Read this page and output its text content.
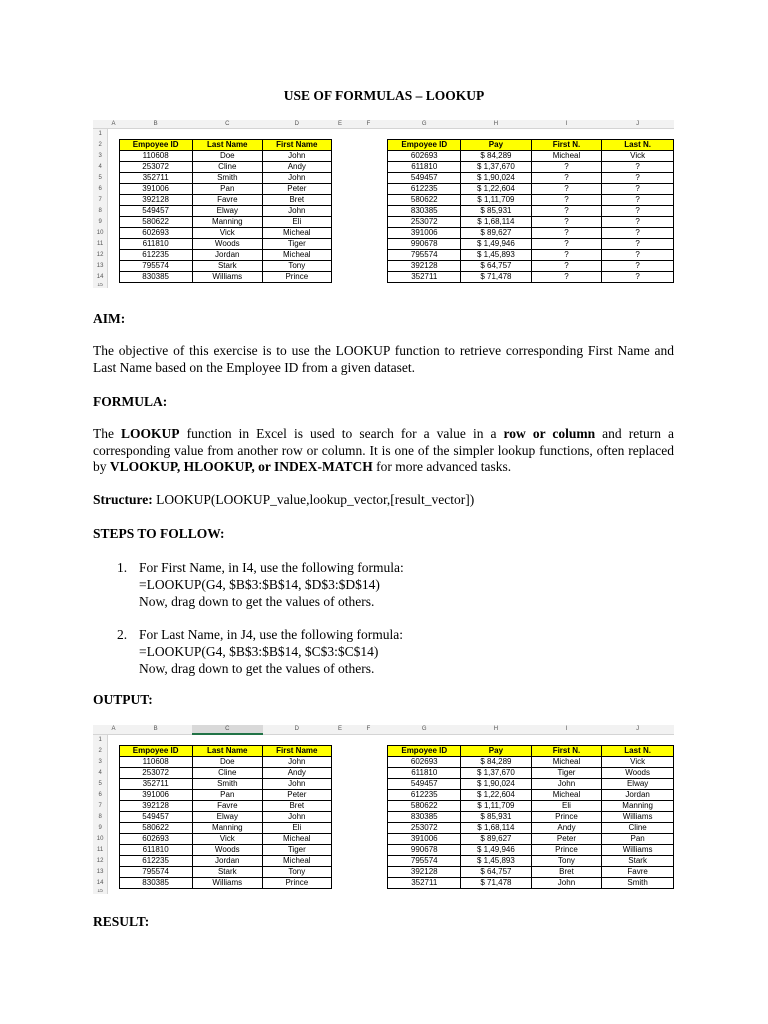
USE OF FORMULAS – LOOKUP
	A	B	C	D	E	F	G	H	I	J
1										
2		Empoyee ID	Last Name	First Name			Empoyee ID	Pay	First N.	Last N.
3		110608	Doe	John			602693	$ 84,289	Micheal	Vick
4		253072	Cline	Andy			611810	$ 1,37,670	?	?
5		352711	Smith	John			549457	$ 1,90,024	?	?
6		391006	Pan	Peter			612235	$ 1,22,604	?	?
7		392128	Favre	Bret			580622	$ 1,11,709	?	?
8		549457	Elway	John			830385	$ 85,931	?	?
9		580622	Manning	Eli			253072	$ 1,68,114	?	?
10		602693	Vick	Micheal			391006	$ 89,627	?	?
11		611810	Woods	Tiger			990678	$ 1,49,946	?	?
12		612235	Jordan	Micheal			795574	$ 1,45,893	?	?
13		795574	Stark	Tony			392128	$ 64,757	?	?
14		830385	Williams	Prince			352711	$ 71,478	?	?
15										
AIM:
The objective of this exercise is to use the LOOKUP function to retrieve corresponding First Name and Last Name based on the Employee ID from a given dataset.
FORMULA:
The LOOKUP function in Excel is used to search for a value in a row or column and return a corresponding value from another row or column. It is one of the simpler lookup functions, often replaced by VLOOKUP, HLOOKUP, or INDEX-MATCH for more advanced tasks.
Structure: LOOKUP(LOOKUP_value,lookup_vector,[result_vector])
STEPS TO FOLLOW:
1. For First Name, in I4, use the following formula:
=LOOKUP(G4, $B$3:$B$14, $D$3:$D$14)
Now, drag down to get the values of others.
2. For Last Name, in J4, use the following formula:
=LOOKUP(G4, $B$3:$B$14, $C$3:$C$14)
Now, drag down to get the values of others.
OUTPUT:
	A	B	C	D	E	F	G	H	I	J
1										
2		Empoyee ID	Last Name	First Name			Empoyee ID	Pay	First N.	Last N.
3		110608	Doe	John			602693	$ 84,289	Micheal	Vick
4		253072	Cline	Andy			611810	$ 1,37,670	Tiger	Woods
5		352711	Smith	John			549457	$ 1,90,024	John	Elway
6		391006	Pan	Peter			612235	$ 1,22,604	Micheal	Jordan
7		392128	Favre	Bret			580622	$ 1,11,709	Eli	Manning
8		549457	Elway	John			830385	$ 85,931	Prince	Williams
9		580622	Manning	Eli			253072	$ 1,68,114	Andy	Cline
10		602693	Vick	Micheal			391006	$ 89,627	Peter	Pan
11		611810	Woods	Tiger			990678	$ 1,49,946	Prince	Williams
12		612235	Jordan	Micheal			795574	$ 1,45,893	Tony	Stark
13		795574	Stark	Tony			392128	$ 64,757	Bret	Favre
14		830385	Williams	Prince			352711	$ 71,478	John	Smith
15										
RESULT:
